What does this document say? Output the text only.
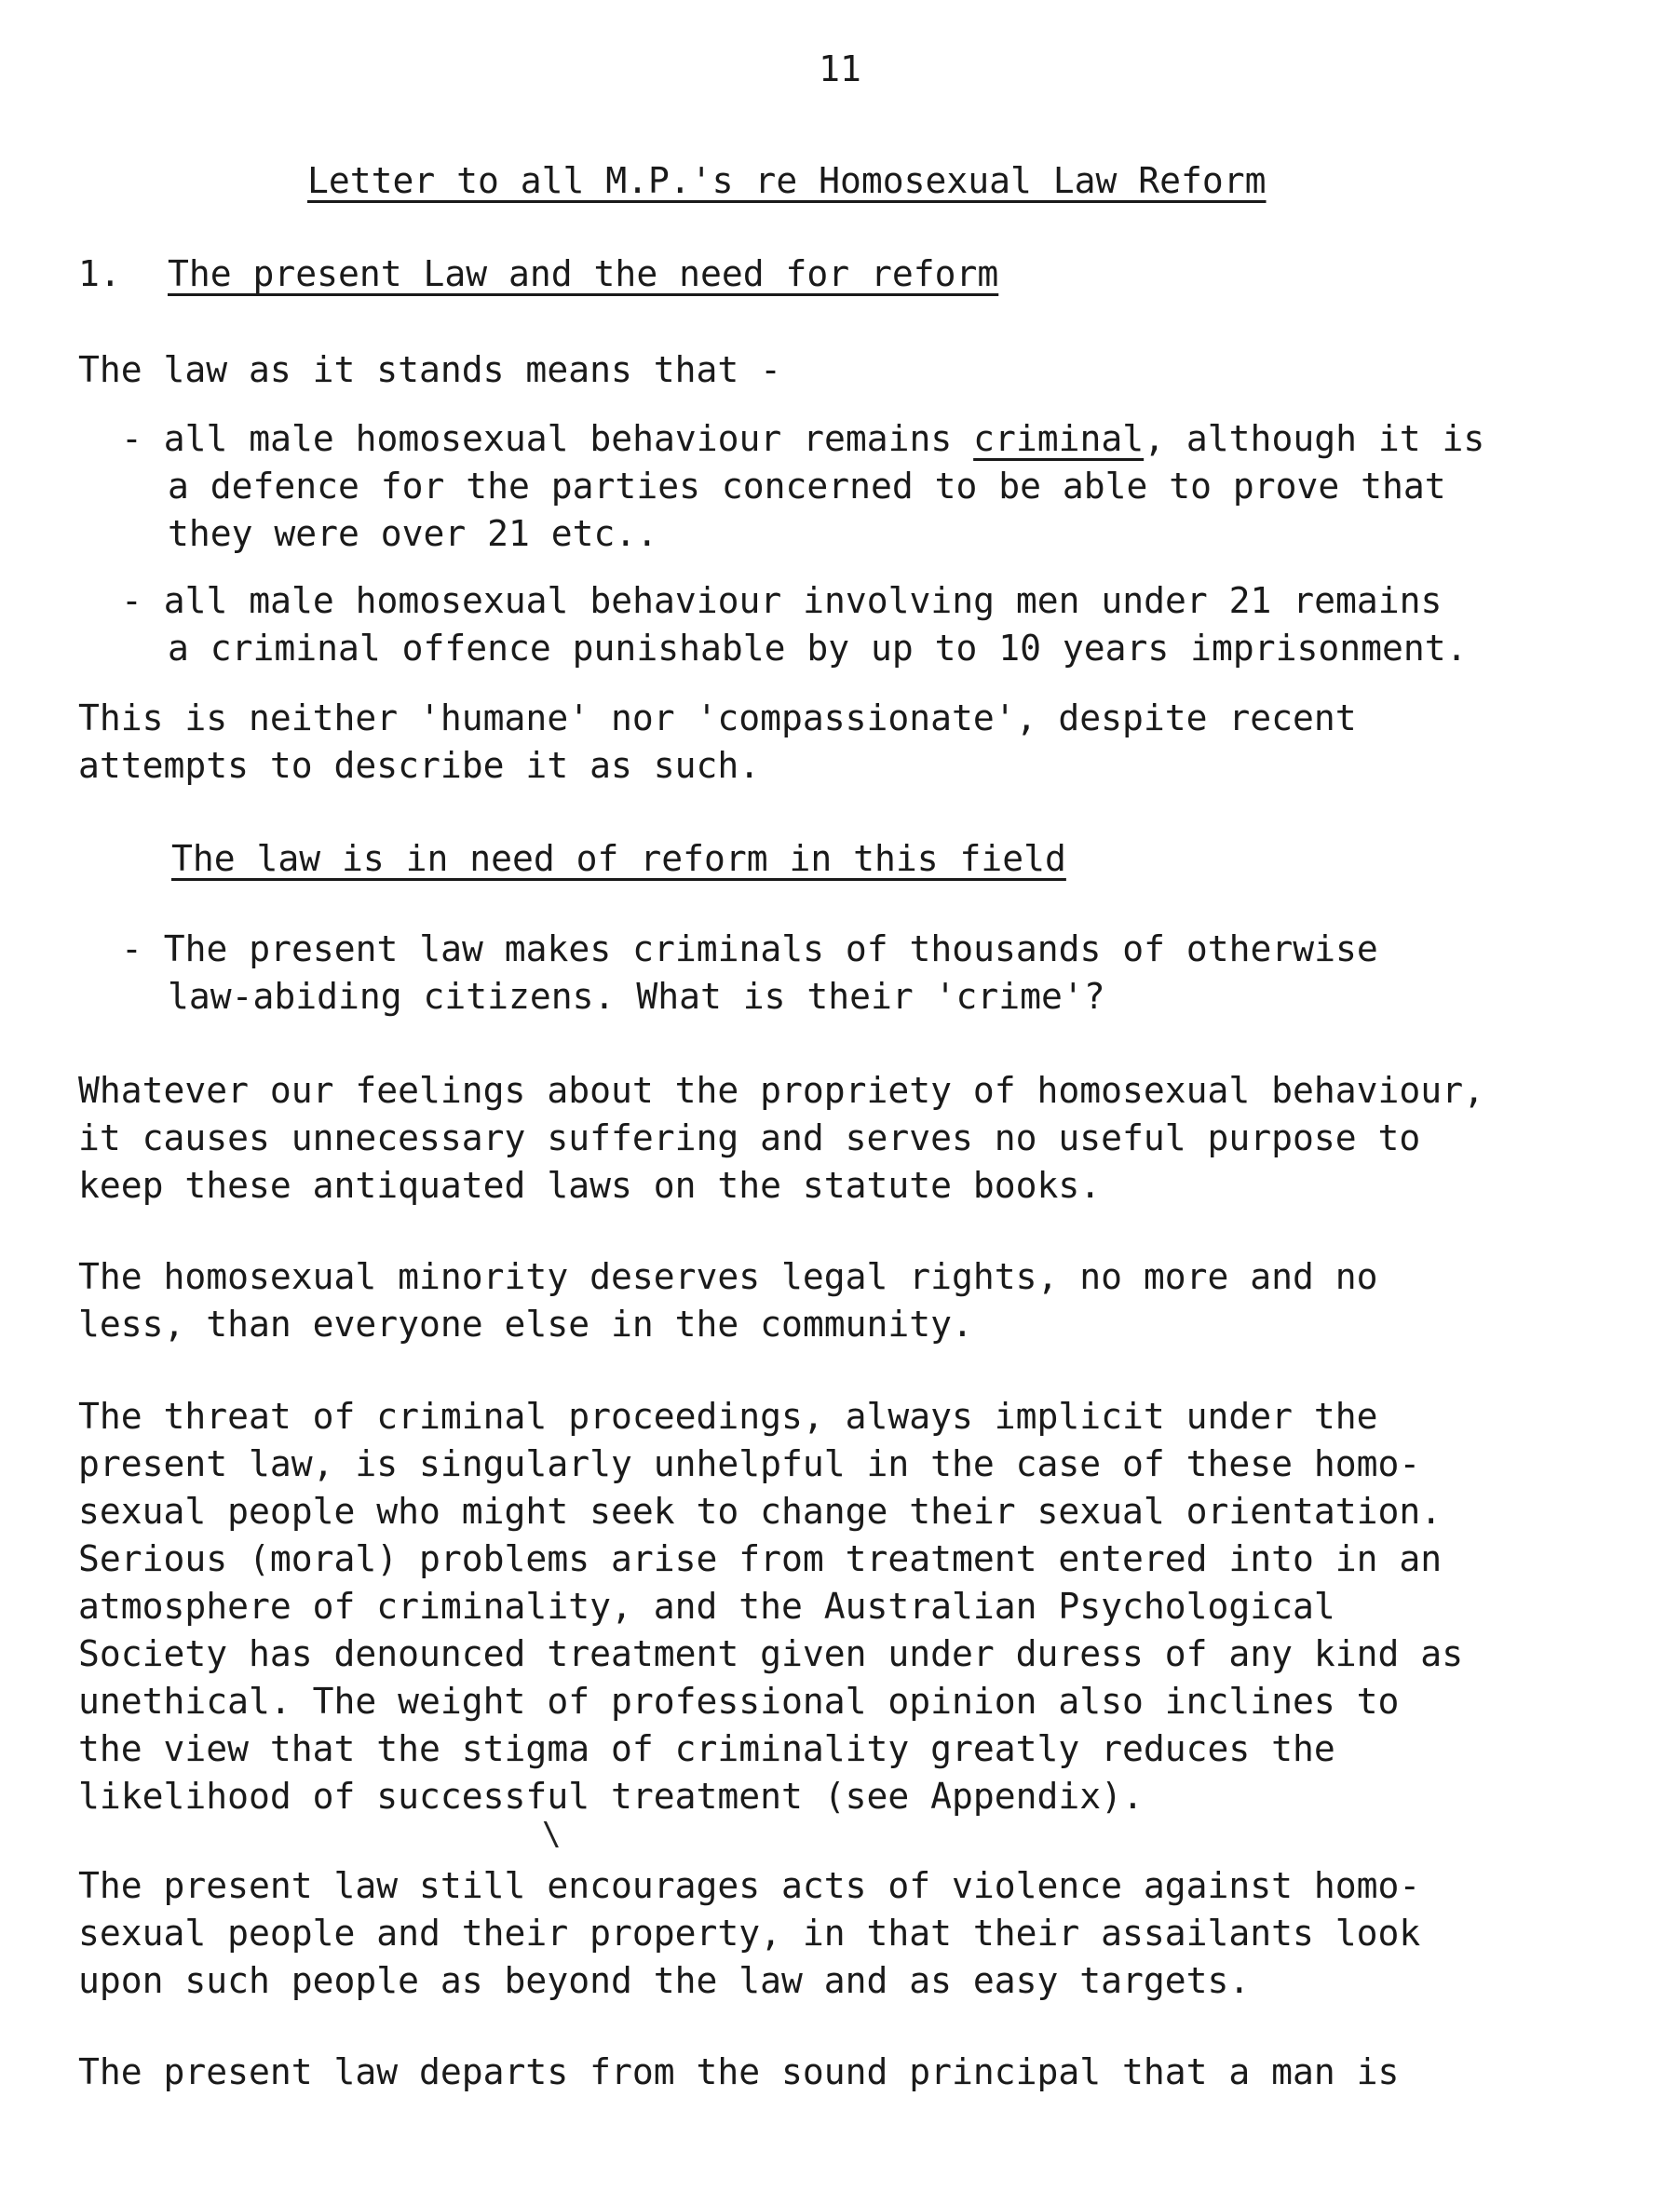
11
Letter to all M.P.'s re Homosexual Law Reform
1. The present Law and the need for reform
The law as it stands means that -
- all male homosexual behaviour remains criminal, although it is
a defence for the parties concerned to be able to prove that
they were over 21 etc..
- all male homosexual behaviour involving men under 21 remains
a criminal offence punishable by up to 10 years imprisonment.
This is neither 'humane' nor 'compassionate', despite recent
attempts to describe it as such.
The law is in need of reform in this field
- The present law makes criminals of thousands of otherwise
law-abiding citizens. What is their 'crime'?
Whatever our feelings about the propriety of homosexual behaviour,
it causes unnecessary suffering and serves no useful purpose to
keep these antiquated laws on the statute books.
The homosexual minority deserves legal rights, no more and no
less, than everyone else in the community.
The threat of criminal proceedings, always implicit under the
present law, is singularly unhelpful in the case of these homo-
sexual people who might seek to change their sexual orientation.
Serious (moral) problems arise from treatment entered into in an
atmosphere of criminality, and the Australian Psychological
Society has denounced treatment given under duress of any kind as
unethical. The weight of professional opinion also inclines to
the view that the stigma of criminality greatly reduces the
likelihood of successful treatment (see Appendix).
\
The present law still encourages acts of violence against homo-
sexual people and their property, in that their assailants look
upon such people as beyond the law and as easy targets.
The present law departs from the sound principal that a man is
